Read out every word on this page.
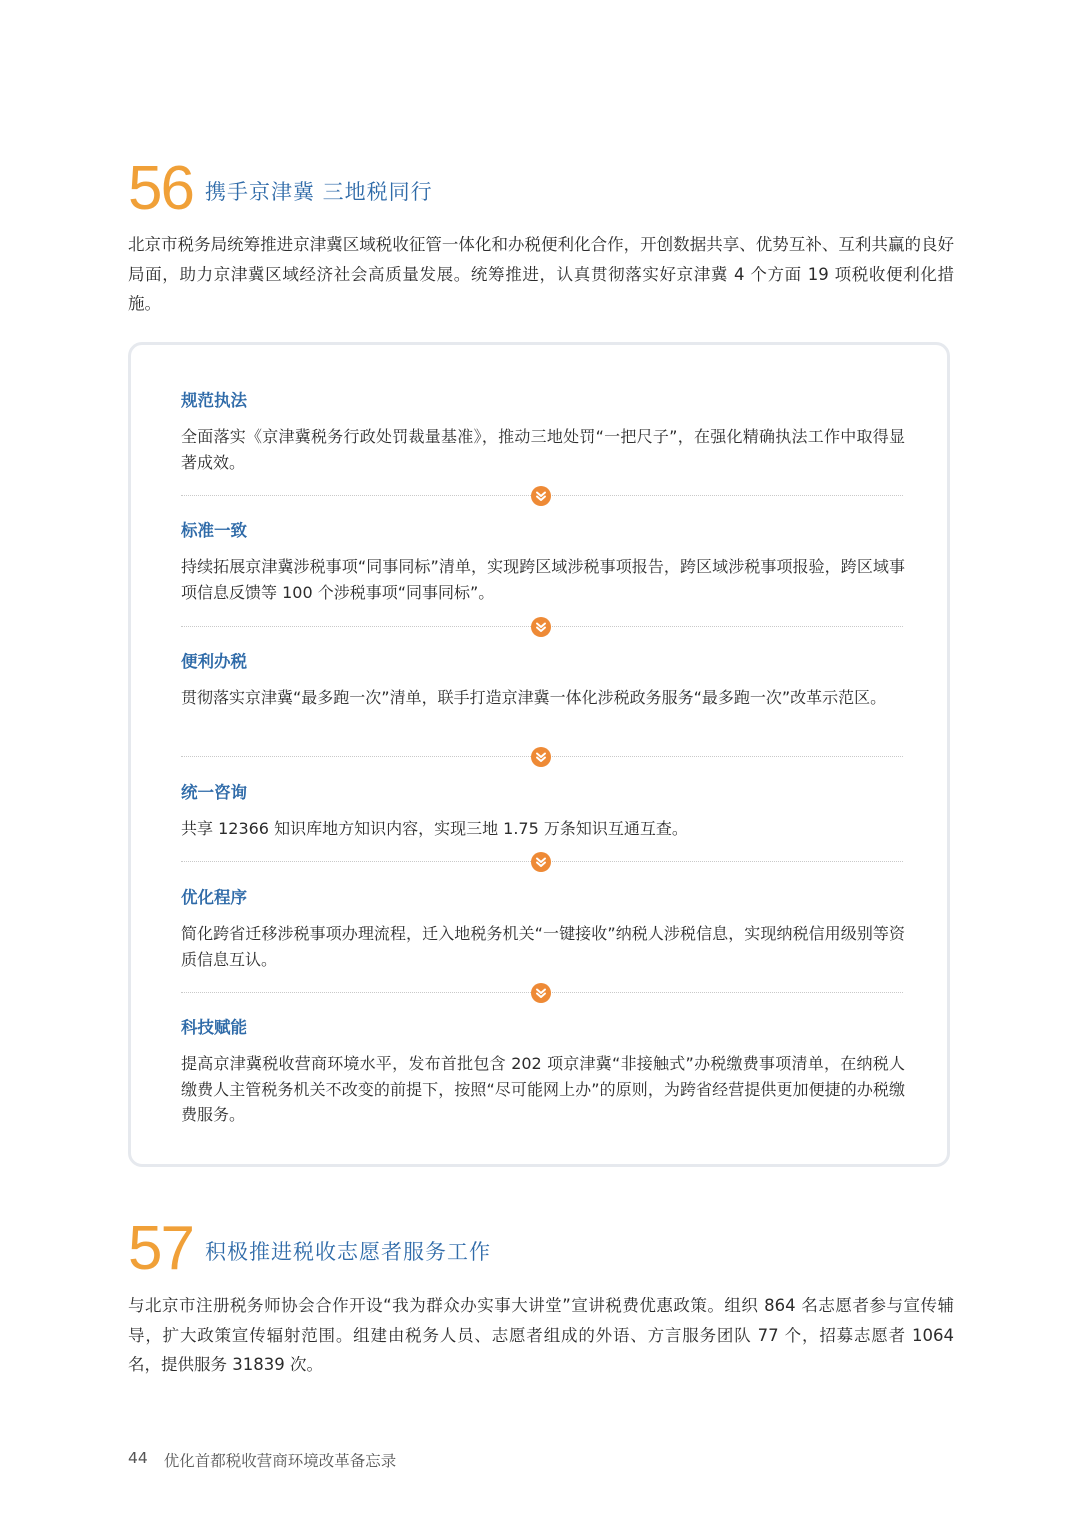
56 携手京津冀 三地税同行
北京市税务局统筹推进京津冀区域税收征管一体化和办税便利化合作，开创数据共享、优势互补、互利共赢的良好局面，助力京津冀区域经济社会高质量发展。统筹推进，认真贯彻落实好京津冀 4 个方面 19 项税收便利化措施。
规范执法
全面落实《京津冀税务行政处罚裁量基准》，推动三地处罚“一把尺子”，在强化精确执法工作中取得显著成效。
标准一致
持续拓展京津冀涉税事项“同事同标”清单，实现跨区域涉税事项报告，跨区域涉税事项报验，跨区域事项信息反馈等 100 个涉税事项“同事同标”。
便利办税
贯彻落实京津冀“最多跑一次”清单，联手打造京津冀一体化涉税政务服务“最多跑一次”改革示范区。
统一咨询
共享 12366 知识库地方知识内容，实现三地 1.75 万条知识互通互查。
优化程序
简化跨省迁移涉税事项办理流程，迁入地税务机关“一键接收”纳税人涉税信息，实现纳税信用级别等资质信息互认。
科技赋能
提高京津冀税收营商环境水平，发布首批包含 202 项京津冀“非接触式”办税缴费事项清单，在纳税人缴费人主管税务机关不改变的前提下，按照“尽可能网上办”的原则，为跨省经营提供更加便捷的办税缴费服务。
57 积极推进税收志愿者服务工作
与北京市注册税务师协会合作开设“我为群众办实事大讲堂”宣讲税费优惠政策。组织 864 名志愿者参与宣传辅导，扩大政策宣传辐射范围。组建由税务人员、志愿者组成的外语、方言服务团队 77 个，招募志愿者 1064 名，提供服务 31839 次。
44 优化首都税收营商环境改革备忘录
